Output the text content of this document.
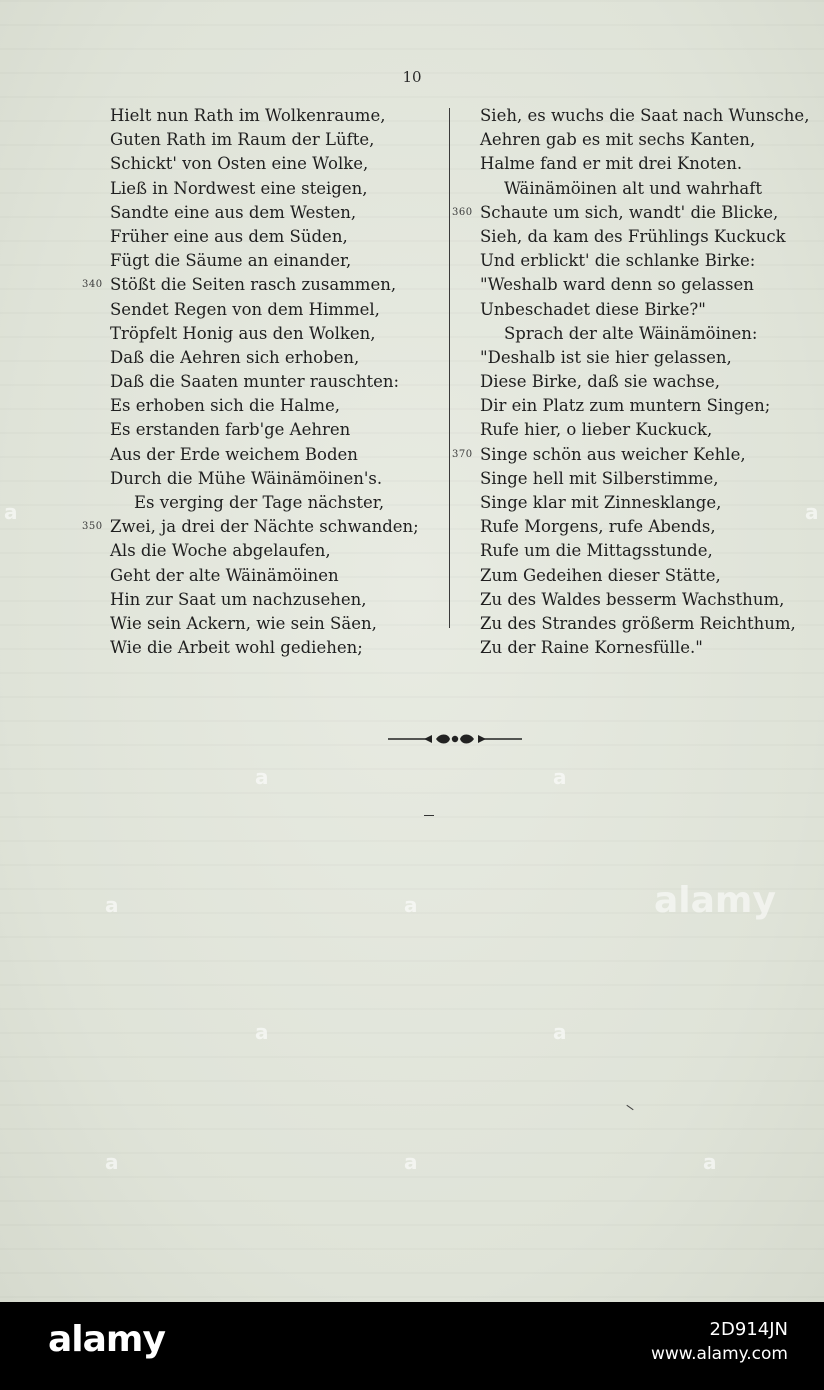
10
Hielt nun Rath im Wolkenraume,
Guten Rath im Raum der Lüfte,
Schickt' von Osten eine Wolke,
Ließ in Nordwest eine steigen,
Sandte eine aus dem Westen,
Früher eine aus dem Süden,
Fügt die Säume an einander,
340 Stößt die Seiten rasch zusammen,
Sendet Regen von dem Himmel,
Tröpfelt Honig aus den Wolken,
Daß die Aehren sich erhoben,
Daß die Saaten munter rauschten:
Es erhoben sich die Halme,
Es erstanden farb'ge Aehren
Aus der Erde weichem Boden
Durch die Mühe Wäinämöinen's.
Es verging der Tage nächster,
350 Zwei, ja drei der Nächte schwanden;
Als die Woche abgelaufen,
Geht der alte Wäinämöinen
Hin zur Saat um nachzusehen,
Wie sein Ackern, wie sein Säen,
Wie die Arbeit wohl gediehen;
Sieh, es wuchs die Saat nach Wunsche,
Aehren gab es mit sechs Kanten,
Halme fand er mit drei Knoten.
Wäinämöinen alt und wahrhaft
360 Schaute um sich, wandt' die Blicke,
Sieh, da kam des Frühlings Kuckuck
Und erblickt' die schlanke Birke:
"Weshalb ward denn so gelassen
Unbeschadet diese Birke?"
Sprach der alte Wäinämöinen:
"Deshalb ist sie hier gelassen,
Diese Birke, daß sie wachse,
Dir ein Platz zum muntern Singen;
Rufe hier, o lieber Kuckuck,
370 Singe schön aus weicher Kehle,
Singe hell mit Silberstimme,
Singe klar mit Zinnesklange,
Rufe Morgens, rufe Abends,
Rufe um die Mittagsstunde,
Zum Gedeihen dieser Stätte,
Zu des Waldes besserm Wachsthum,
Zu des Strandes größerm Reichthum,
Zu der Raine Kornesfülle."
a	a
a	a
a	a
a	a
a	a	a
alamy
alamy	2D914JN
www.alamy.com
